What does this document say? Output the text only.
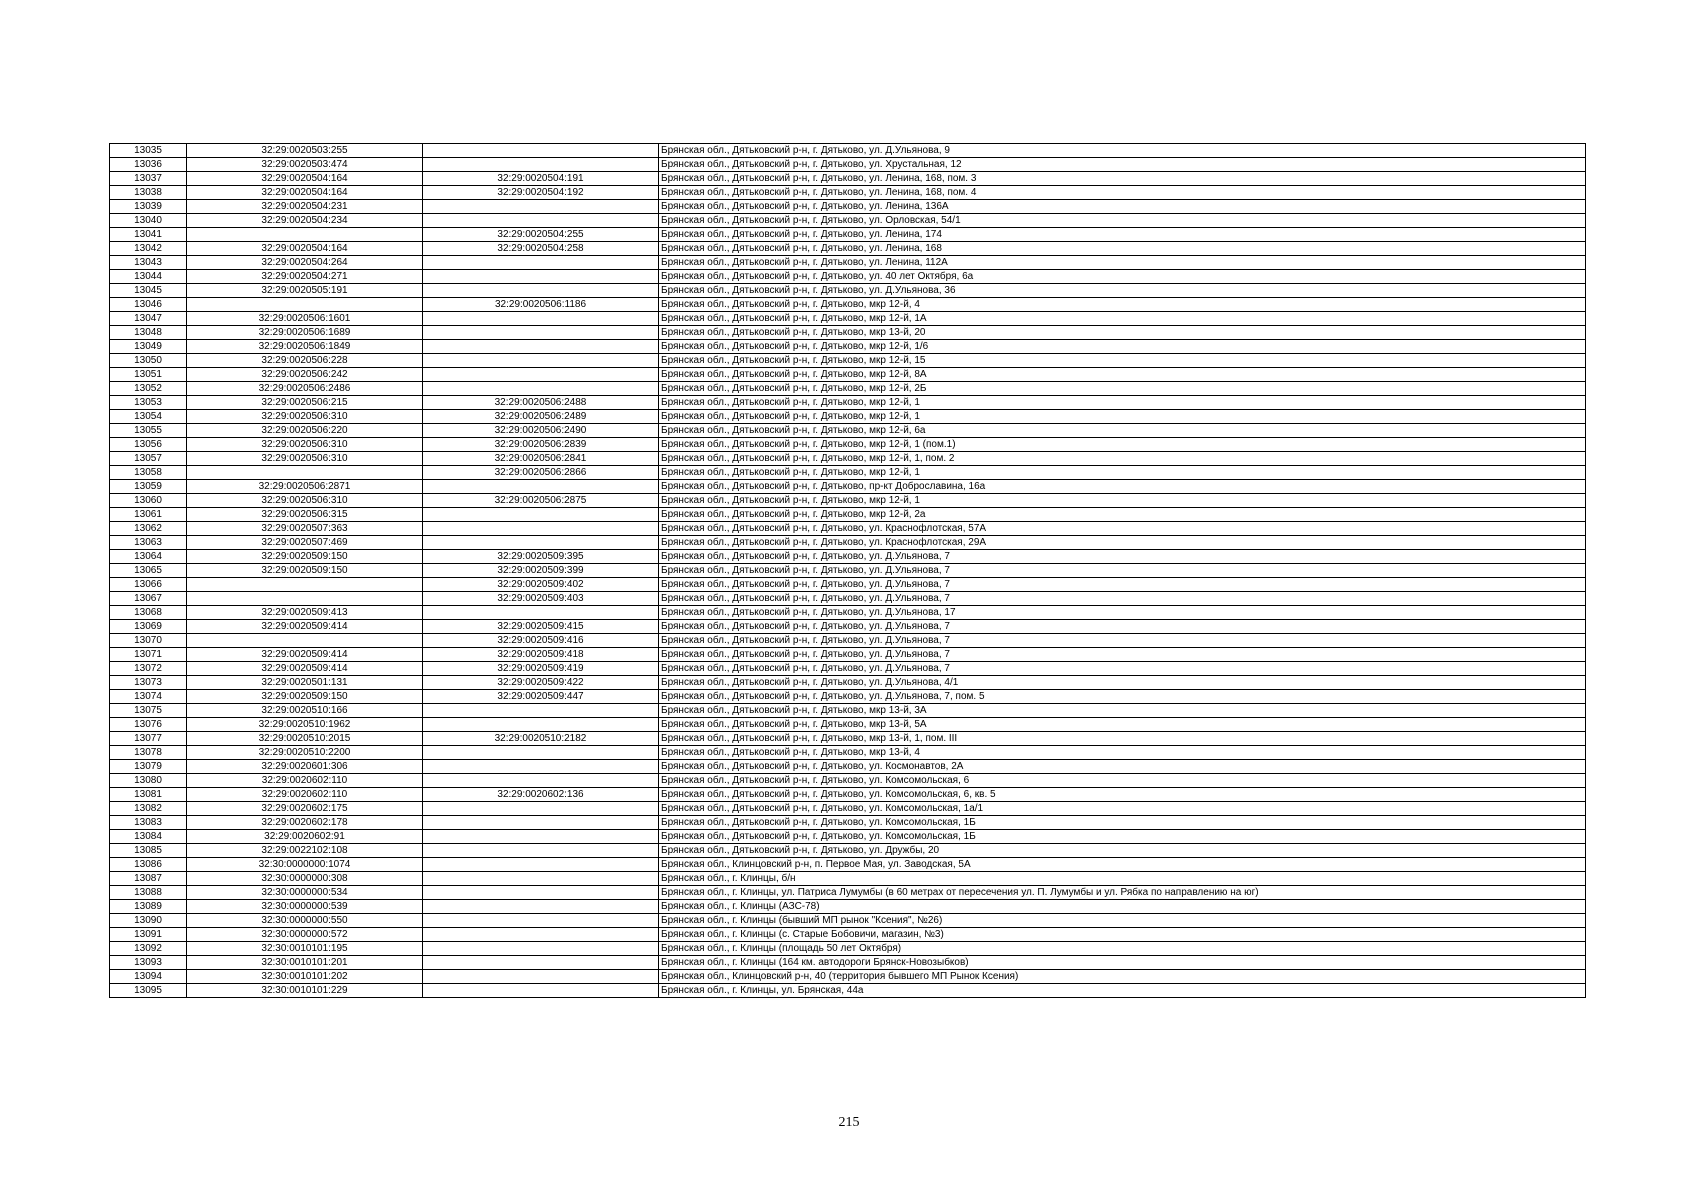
13035	32:29:0020503:255		Брянская обл., Дятьковский р-н, г. Дятьково, ул. Д.Ульянова, 9
13036	32:29:0020503:474		Брянская обл., Дятьковский р-н, г. Дятьково, ул. Хрустальная, 12
13037	32:29:0020504:164	32:29:0020504:191	Брянская обл., Дятьковский р-н, г. Дятьково, ул. Ленина, 168, пом. 3
13038	32:29:0020504:164	32:29:0020504:192	Брянская обл., Дятьковский р-н, г. Дятьково, ул. Ленина, 168, пом. 4
13039	32:29:0020504:231		Брянская обл., Дятьковский р-н, г. Дятьково, ул. Ленина, 136А
13040	32:29:0020504:234		Брянская обл., Дятьковский р-н, г. Дятьково, ул. Орловская, 54/1
13041		32:29:0020504:255	Брянская обл., Дятьковский р-н, г. Дятьково, ул. Ленина, 174
13042	32:29:0020504:164	32:29:0020504:258	Брянская обл., Дятьковский р-н, г. Дятьково, ул. Ленина, 168
13043	32:29:0020504:264		Брянская обл., Дятьковский р-н, г. Дятьково, ул. Ленина, 112А
13044	32:29:0020504:271		Брянская обл., Дятьковский р-н, г. Дятьково, ул. 40 лет Октября, 6а
13045	32:29:0020505:191		Брянская обл., Дятьковский р-н, г. Дятьково, ул. Д.Ульянова, 36
13046		32:29:0020506:1186	Брянская обл., Дятьковский р-н, г. Дятьково, мкр 12-й, 4
13047	32:29:0020506:1601		Брянская обл., Дятьковский р-н, г. Дятьково, мкр 12-й, 1А
13048	32:29:0020506:1689		Брянская обл., Дятьковский р-н, г. Дятьково, мкр 13-й, 20
13049	32:29:0020506:1849		Брянская обл., Дятьковский р-н, г. Дятьково, мкр 12-й, 1/6
13050	32:29:0020506:228		Брянская обл., Дятьковский р-н, г. Дятьково, мкр 12-й, 15
13051	32:29:0020506:242		Брянская обл., Дятьковский р-н, г. Дятьково, мкр 12-й, 8А
13052	32:29:0020506:2486		Брянская обл., Дятьковский р-н, г. Дятьково, мкр 12-й, 2Б
13053	32:29:0020506:215	32:29:0020506:2488	Брянская обл., Дятьковский р-н, г. Дятьково, мкр 12-й, 1
13054	32:29:0020506:310	32:29:0020506:2489	Брянская обл., Дятьковский р-н, г. Дятьково, мкр 12-й, 1
13055	32:29:0020506:220	32:29:0020506:2490	Брянская обл., Дятьковский р-н, г. Дятьково, мкр 12-й, 6а
13056	32:29:0020506:310	32:29:0020506:2839	Брянская обл., Дятьковский р-н, г. Дятьково, мкр 12-й, 1 (пом.1)
13057	32:29:0020506:310	32:29:0020506:2841	Брянская обл., Дятьковский р-н, г. Дятьково, мкр 12-й, 1, пом. 2
13058		32:29:0020506:2866	Брянская обл., Дятьковский р-н, г. Дятьково, мкр 12-й, 1
13059	32:29:0020506:2871		Брянская обл., Дятьковский р-н, г. Дятьково, пр-кт Доброславина, 16а
13060	32:29:0020506:310	32:29:0020506:2875	Брянская обл., Дятьковский р-н, г. Дятьково, мкр 12-й, 1
13061	32:29:0020506:315		Брянская обл., Дятьковский р-н, г. Дятьково, мкр 12-й, 2а
13062	32:29:0020507:363		Брянская обл., Дятьковский р-н, г. Дятьково, ул. Краснофлотская, 57А
13063	32:29:0020507:469		Брянская обл., Дятьковский р-н, г. Дятьково, ул. Краснофлотская, 29А
13064	32:29:0020509:150	32:29:0020509:395	Брянская обл., Дятьковский р-н, г. Дятьково, ул. Д.Ульянова, 7
13065	32:29:0020509:150	32:29:0020509:399	Брянская обл., Дятьковский р-н, г. Дятьково, ул. Д.Ульянова, 7
13066		32:29:0020509:402	Брянская обл., Дятьковский р-н, г. Дятьково, ул. Д.Ульянова, 7
13067		32:29:0020509:403	Брянская обл., Дятьковский р-н, г. Дятьково, ул. Д.Ульянова, 7
13068	32:29:0020509:413		Брянская обл., Дятьковский р-н, г. Дятьково, ул. Д.Ульянова, 17
13069	32:29:0020509:414	32:29:0020509:415	Брянская обл., Дятьковский р-н, г. Дятьково, ул. Д.Ульянова, 7
13070		32:29:0020509:416	Брянская обл., Дятьковский р-н, г. Дятьково, ул. Д.Ульянова, 7
13071	32:29:0020509:414	32:29:0020509:418	Брянская обл., Дятьковский р-н, г. Дятьково, ул. Д.Ульянова, 7
13072	32:29:0020509:414	32:29:0020509:419	Брянская обл., Дятьковский р-н, г. Дятьково, ул. Д.Ульянова, 7
13073	32:29:0020501:131	32:29:0020509:422	Брянская обл., Дятьковский р-н, г. Дятьково, ул. Д.Ульянова, 4/1
13074	32:29:0020509:150	32:29:0020509:447	Брянская обл., Дятьковский р-н, г. Дятьково, ул. Д.Ульянова, 7, пом. 5
13075	32:29:0020510:166		Брянская обл., Дятьковский р-н, г. Дятьково, мкр 13-й, 3А
13076	32:29:0020510:1962		Брянская обл., Дятьковский р-н, г. Дятьково, мкр 13-й, 5А
13077	32:29:0020510:2015	32:29:0020510:2182	Брянская обл., Дятьковский р-н, г. Дятьково, мкр 13-й, 1, пом. III
13078	32:29:0020510:2200		Брянская обл., Дятьковский р-н, г. Дятьково, мкр 13-й, 4
13079	32:29:0020601:306		Брянская обл., Дятьковский р-н, г. Дятьково, ул. Космонавтов, 2А
13080	32:29:0020602:110		Брянская обл., Дятьковский р-н, г. Дятьково, ул. Комсомольская, 6
13081	32:29:0020602:110	32:29:0020602:136	Брянская обл., Дятьковский р-н, г. Дятьково, ул. Комсомольская, 6, кв. 5
13082	32:29:0020602:175		Брянская обл., Дятьковский р-н, г. Дятьково, ул. Комсомольская, 1а/1
13083	32:29:0020602:178		Брянская обл., Дятьковский р-н, г. Дятьково, ул. Комсомольская, 1Б
13084	32:29:0020602:91		Брянская обл., Дятьковский р-н, г. Дятьково, ул. Комсомольская, 1Б
13085	32:29:0022102:108		Брянская обл., Дятьковский р-н, г. Дятьково, ул. Дружбы, 20
13086	32:30:0000000:1074		Брянская обл., Клинцовский р-н, п. Первое Мая, ул. Заводская, 5А
13087	32:30:0000000:308		Брянская обл., г. Клинцы, б/н
13088	32:30:0000000:534		Брянская обл., г. Клинцы, ул. Патриса Лумумбы (в 60 метрах от пересечения ул. П. Лумумбы и ул. Рябка по направлению на юг)
13089	32:30:0000000:539		Брянская обл., г. Клинцы (АЗС-78)
13090	32:30:0000000:550		Брянская обл., г. Клинцы (бывший МП рынок "Ксения", №26)
13091	32:30:0000000:572		Брянская обл., г. Клинцы (с. Старые Бобовичи, магазин, №3)
13092	32:30:0010101:195		Брянская обл., г. Клинцы (площадь 50 лет Октября)
13093	32:30:0010101:201		Брянская обл., г. Клинцы (164 км. автодороги Брянск-Новозыбков)
13094	32:30:0010101:202		Брянская обл., Клинцовский р-н, 40 (территория бывшего МП Рынок Ксения)
13095	32:30:0010101:229		Брянская обл., г. Клинцы, ул. Брянская, 44а
215
